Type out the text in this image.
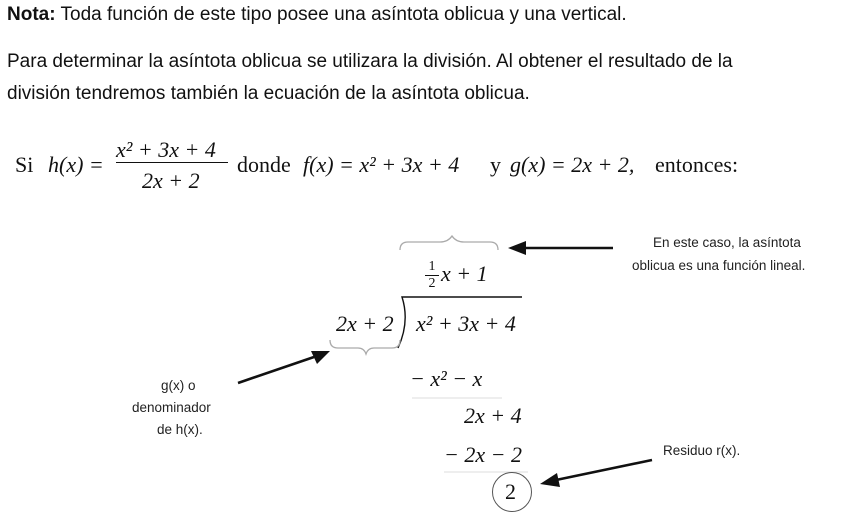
Nota: Toda función de este tipo posee una asíntota oblicua y una vertical.
Para determinar la asíntota oblicua se utilizara la división. Al obtener el resultado de la
división tendremos también la ecuación de la asíntota oblicua.
Si h(x) =
x² + 3x + 4
2x + 2
donde f(x) = x² + 3x + 4 y g(x) = 2x + 2, entonces:
1
2 x + 1
2x + 2 x² + 3x + 4
− x² − x
2x + 4
− 2x − 2
2
En este caso, la asíntota
oblicua es una función lineal.
g(x) o
denominador
de h(x).
Residuo r(x).
